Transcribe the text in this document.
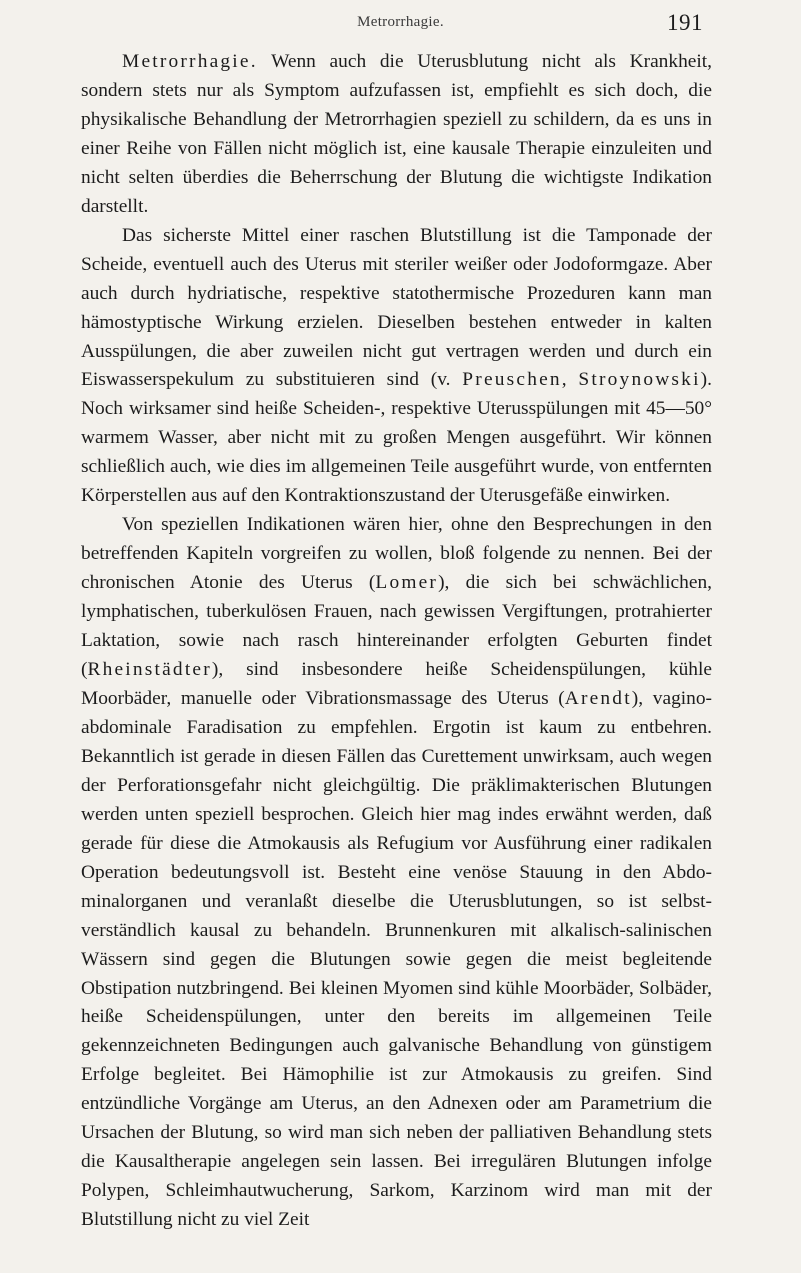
Metrorrhagie.	191

Metrorrhagie. Wenn auch die Uterusblutung nicht als Krankheit, sondern stets nur als Symptom aufzufassen ist, empfiehlt es sich doch, die physikalische Behandlung der Metrorrhagien speziell zu schildern, da es uns in einer Reihe von Fällen nicht möglich ist, eine kausale Therapie einzuleiten und nicht selten überdies die Beherrschung der Blutung die wichtigste Indikation darstellt.

Das sicherste Mittel einer raschen Blutstillung ist die Tamponade der Scheide, eventuell auch des Uterus mit steriler weißer oder Jodoformgaze. Aber auch durch hydriatische, respektive statothermische Prozeduren kann man hämostyptische Wirkung erzielen. Dieselben bestehen entweder in kalten Ausspülungen, die aber zuweilen nicht gut vertragen werden und durch ein Eiswasserspekulum zu substituieren sind (v. Preuschen, Stroynowski). Noch wirksamer sind heiße Scheiden-, respektive Uterusspülungen mit 45—50° warmem Wasser, aber nicht mit zu großen Mengen ausgeführt. Wir können schließlich auch, wie dies im allgemeinen Teile ausgeführt wurde, von entfernten Körperstellen aus auf den Kontraktionszustand der Uterusgefäße einwirken.

Von speziellen Indikationen wären hier, ohne den Besprechungen in den betreffenden Kapiteln vorgreifen zu wollen, bloß folgende zu nennen. Bei der chronischen Atonie des Uterus (Lomer), die sich bei schwächlichen, lymphatischen, tuberkulösen Frauen, nach gewissen Vergiftungen, protrahierter Laktation, sowie nach rasch hintereinander erfolgten Geburten findet (Rheinstädter), sind insbesondere heiße Scheidenspülungen, kühle Moorbäder, manuelle oder Vibrationsmassage des Uterus (Arendt), vagino-abdominale Faradisation zu empfehlen. Ergotin ist kaum zu entbehren. Bekanntlich ist gerade in diesen Fällen das Curettement unwirksam, auch wegen der Perforationsgefahr nicht gleichgültig. Die präklimakterischen Blutungen werden unten speziell besprochen. Gleich hier mag indes erwähnt werden, daß gerade für diese die Atmokausis als Refugium vor Ausführung einer radikalen Operation bedeutungsvoll ist. Besteht eine venöse Stauung in den Abdominalorganen und veranlaßt dieselbe die Uterusblutungen, so ist selbstverständlich kausal zu behandeln. Brunnenkuren mit alkalisch-salinischen Wässern sind gegen die Blutungen sowie gegen die meist begleitende Obstipation nutzbringend. Bei kleinen Myomen sind kühle Moorbäder, Solbäder, heiße Scheidenspülungen, unter den bereits im allgemeinen Teile gekennzeichneten Bedingungen auch galvanische Behandlung von günstigem Erfolge begleitet. Bei Hämophilie ist zur Atmokausis zu greifen. Sind entzündliche Vorgänge am Uterus, an den Adnexen oder am Parametrium die Ursachen der Blutung, so wird man sich neben der palliativen Behandlung stets die Kausaltherapie angelegen sein lassen. Bei irregulären Blutungen infolge Polypen, Schleimhautwucherung, Sarkom, Karzinom wird man mit der Blutstillung nicht zu viel Zeit
